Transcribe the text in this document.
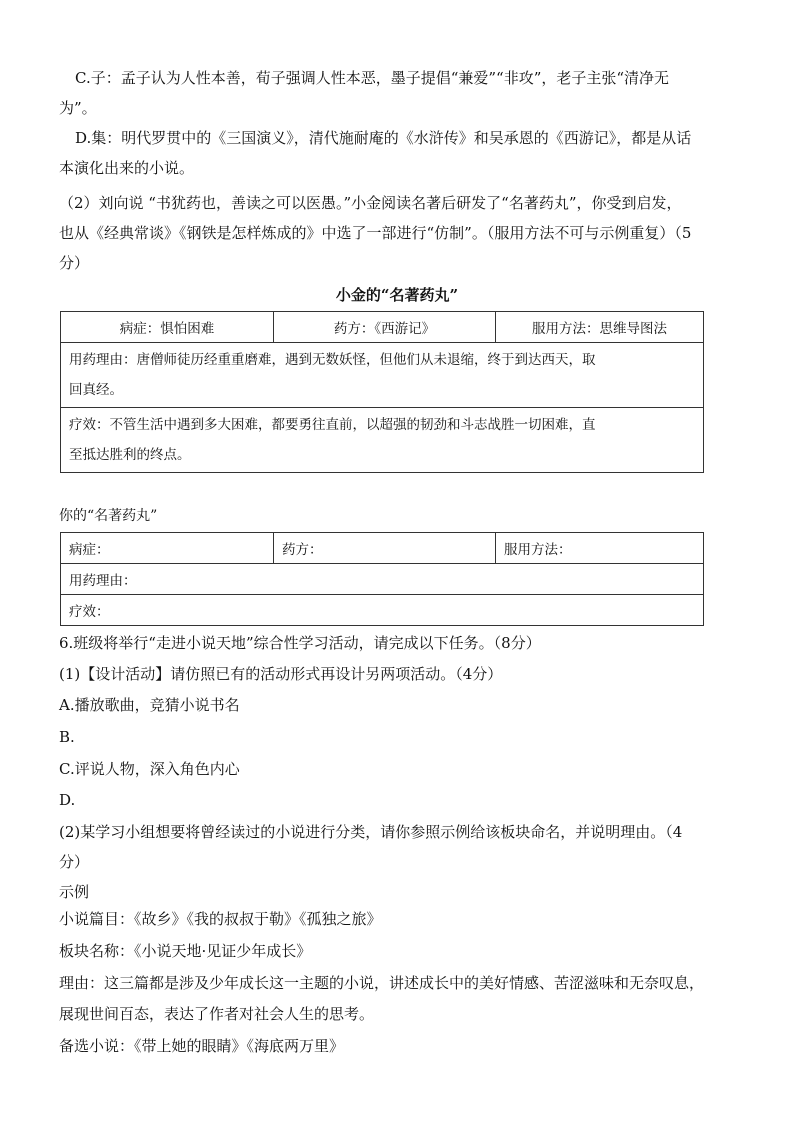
C.子：孟子认为人性本善，荀子强调人性本恶，墨子提倡“兼爱”“非攻”，老子主张“清净无
为”。
D.集：明代罗贯中的《三国演义》，清代施耐庵的《水浒传》和吴承恩的《西游记》，都是从话
本演化出来的小说。
（2）刘向说 “书犹药也，善读之可以医愚。”小金阅读名著后研发了“名著药丸”，你受到启发，
也从《经典常谈》《钢铁是怎样炼成的》中选了一部进行“仿制”。（服用方法不可与示例重复）（5
分）
小金的“名著药丸”
病症：惧怕困难	药方：《西游记》	服用方法：思维导图法

用药理由：唐僧师徒历经重重磨难，遇到无数妖怪，但他们从未退缩，终于到达西天，取
回真经。

疗效：不管生活中遇到多大困难，都要勇往直前，以超强的韧劲和斗志战胜一切困难，直
至抵达胜利的终点。
你的“名著药丸”
病症：	药方：	服用方法：
用药理由：
疗效：
6.班级将举行“走进小说天地”综合性学习活动，请完成以下任务。（8分）
(1)【设计活动】请仿照已有的活动形式再设计另两项活动。（4分）
A.播放歌曲，竞猜小说书名
B.
C.评说人物，深入角色内心
D.
(2)某学习小组想要将曾经读过的小说进行分类，请你参照示例给该板块命名，并说明理由。（4
分）
示例
小说篇目：《故乡》《我的叔叔于勒》《孤独之旅》
板块名称：《小说天地·见证少年成长》
理由：这三篇都是涉及少年成长这一主题的小说，讲述成长中的美好情感、苦涩滋味和无奈叹息，
展现世间百态，表达了作者对社会人生的思考。
备选小说：《带上她的眼睛》《海底两万里》
